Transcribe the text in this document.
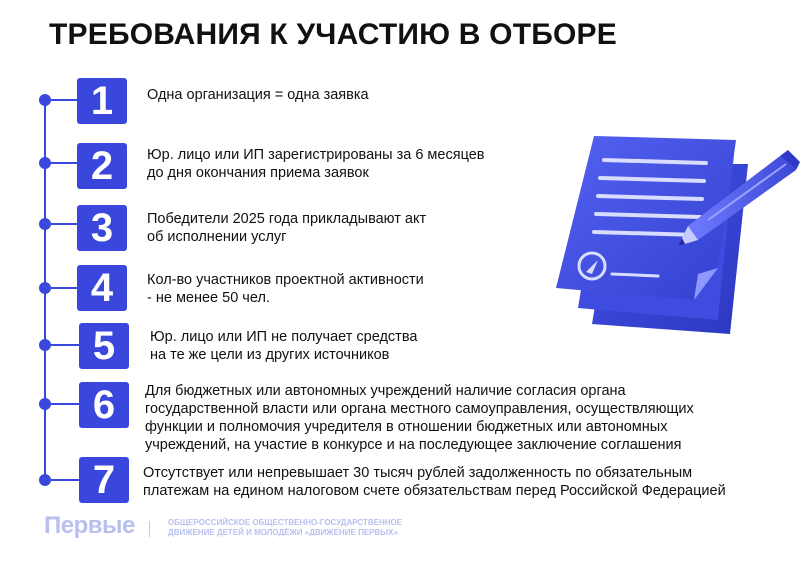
ТРЕБОВАНИЯ К УЧАСТИЮ В ОТБОРЕ
1	Одна организация = одна заявка
2	Юр. лицо или ИП зарегистрированы за 6 месяцев
до дня окончания приема заявок
3	Победители 2025 года прикладывают акт
об исполнении услуг
4	Кол-во участников проектной активности
- не менее 50 чел.
5	Юр. лицо или ИП не получает средства
на те же цели из других источников
6	Для бюджетных или автономных учреждений наличие согласия органа
государственной власти или органа местного самоуправления, осуществляющих
функции и полномочия учредителя в отношении бюджетных или автономных
учреждений, на участие в конкурсе и на последующее заключение соглашения
7	Отсутствует или непревышает 30 тысяч рублей задолженность по обязательным
платежам на едином налоговом счете обязательствам перед Российской Федерацией
Первые	ОБЩЕРОССИЙСКОЕ ОБЩЕСТВЕННО-ГОСУДАРСТВЕННОЕ
ДВИЖЕНИЕ ДЕТЕЙ И МОЛОДЁЖИ «ДВИЖЕНИЕ ПЕРВЫХ»
